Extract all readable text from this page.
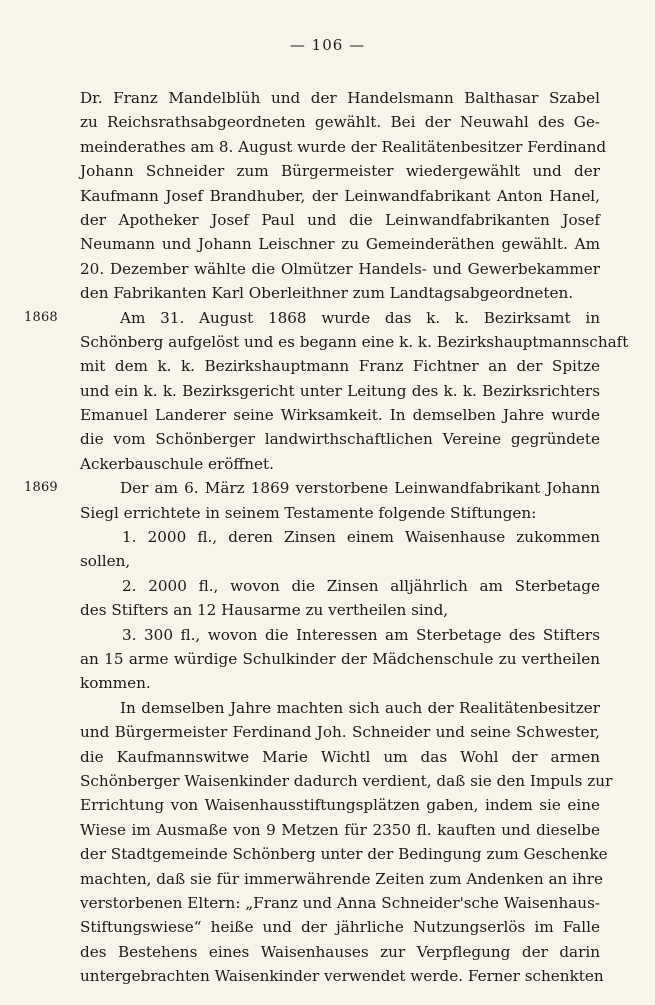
— 106 —
Dr. Franz Mandelblüh und der Handelsmann Balthasar Szabel
zu Reichsrathsabgeordneten gewählt. Bei der Neuwahl des Ge-
meinderathes am 8. August wurde der Realitätenbesitzer Ferdinand
Johann Schneider zum Bürgermeister wiedergewählt und der
Kaufmann Josef Brandhuber, der Leinwandfabrikant Anton Hanel,
der Apotheker Josef Paul und die Leinwandfabrikanten Josef
Neumann und Johann Leischner zu Gemeinderäthen gewählt. Am
20. Dezember wählte die Olmützer Handels- und Gewerbekammer
den Fabrikanten Karl Oberleithner zum Landtagsabgeordneten.
1868	Am 31. August 1868 wurde das k. k. Bezirksamt in
Schönberg aufgelöst und es begann eine k. k. Bezirkshauptmannschaft
mit dem k. k. Bezirkshauptmann Franz Fichtner an der Spitze
und ein k. k. Bezirksgericht unter Leitung des k. k. Bezirksrichters
Emanuel Landerer seine Wirksamkeit. In demselben Jahre wurde
die vom Schönberger landwirthschaftlichen Vereine gegründete
Ackerbauschule eröffnet.
1869	Der am 6. März 1869 verstorbene Leinwandfabrikant Johann
Siegl errichtete in seinem Testamente folgende Stiftungen:
1. 2000 fl., deren Zinsen einem Waisenhause zukommen
sollen,
2. 2000 fl., wovon die Zinsen alljährlich am Sterbetage
des Stifters an 12 Hausarme zu vertheilen sind,
3. 300 fl., wovon die Interessen am Sterbetage des Stifters
an 15 arme würdige Schulkinder der Mädchenschule zu vertheilen
kommen.
In demselben Jahre machten sich auch der Realitätenbesitzer
und Bürgermeister Ferdinand Joh. Schneider und seine Schwester,
die Kaufmannswitwe Marie Wichtl um das Wohl der armen
Schönberger Waisenkinder dadurch verdient, daß sie den Impuls zur
Errichtung von Waisenhausstiftungsplätzen gaben, indem sie eine
Wiese im Ausmaße von 9 Metzen für 2350 fl. kauften und dieselbe
der Stadtgemeinde Schönberg unter der Bedingung zum Geschenke
machten, daß sie für immerwährende Zeiten zum Andenken an ihre
verstorbenen Eltern: „Franz und Anna Schneider'sche Waisenhaus-
Stiftungswiese“ heiße und der jährliche Nutzungserlös im Falle
des Bestehens eines Waisenhauses zur Verpflegung der darin
untergebrachten Waisenkinder verwendet werde. Ferner schenkten
